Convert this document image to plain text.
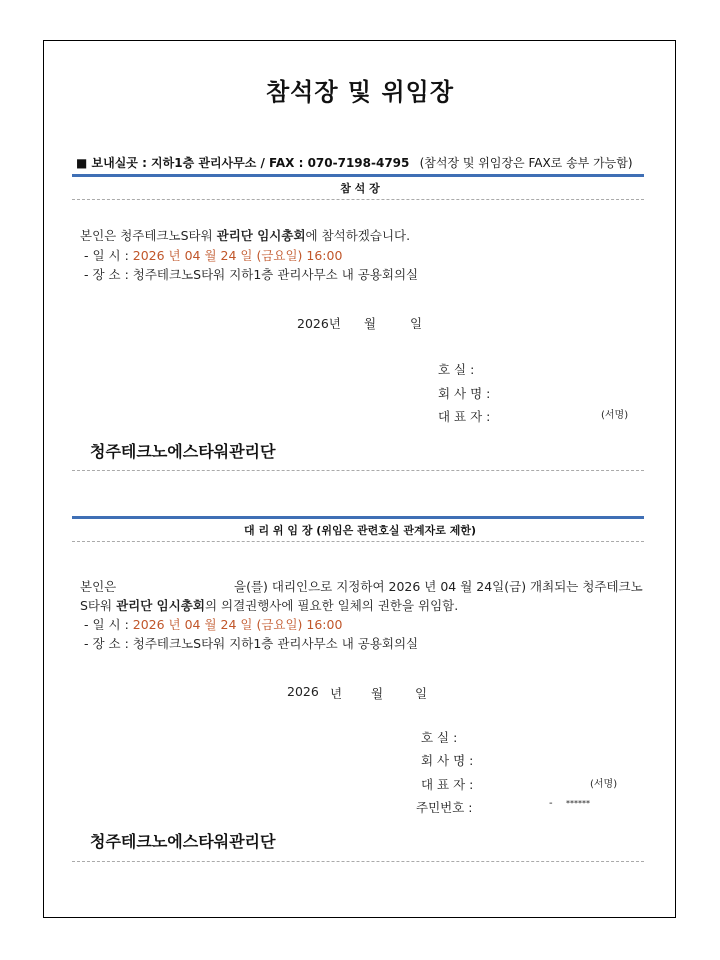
참석장 및 위임장
■ 보내실곳 : 지하1층 관리사무소 / FAX : 070-7198-4795 (참석장 및 위임장은 FAX로 송부 가능함)
참 석 장
본인은 청주테크노S타워 관리단 임시총회에 참석하겠습니다.
- 일 시 : 2026 년 04 월 24 일 (금요일) 16:00
- 장 소 : 청주테크노S타워 지하1층 관리사무소 내 공용회의실
2026년 월	일
호 실 :
회 사 명 :
대 표 자 :	(서명)
청주테크노에스타워관리단
대 리 위 임 장 (위임은 관련호실 관계자로 제한)
본인은	을(를) 대리인으로 지정하여 2026 년 04 월 24일(금) 개최되는 청주테크노
S타워 관리단 임시총회의 의결권행사에 필요한 일체의 권한을 위임함.
- 일 시 : 2026 년 04 월 24 일 (금요일) 16:00
- 장 소 : 청주테크노S타워 지하1층 관리사무소 내 공용회의실
2026 년 월	일
호 실 :
회 사 명 :
대 표 자 :	(서명)
주민번호 :	- ******
청주테크노에스타워관리단
